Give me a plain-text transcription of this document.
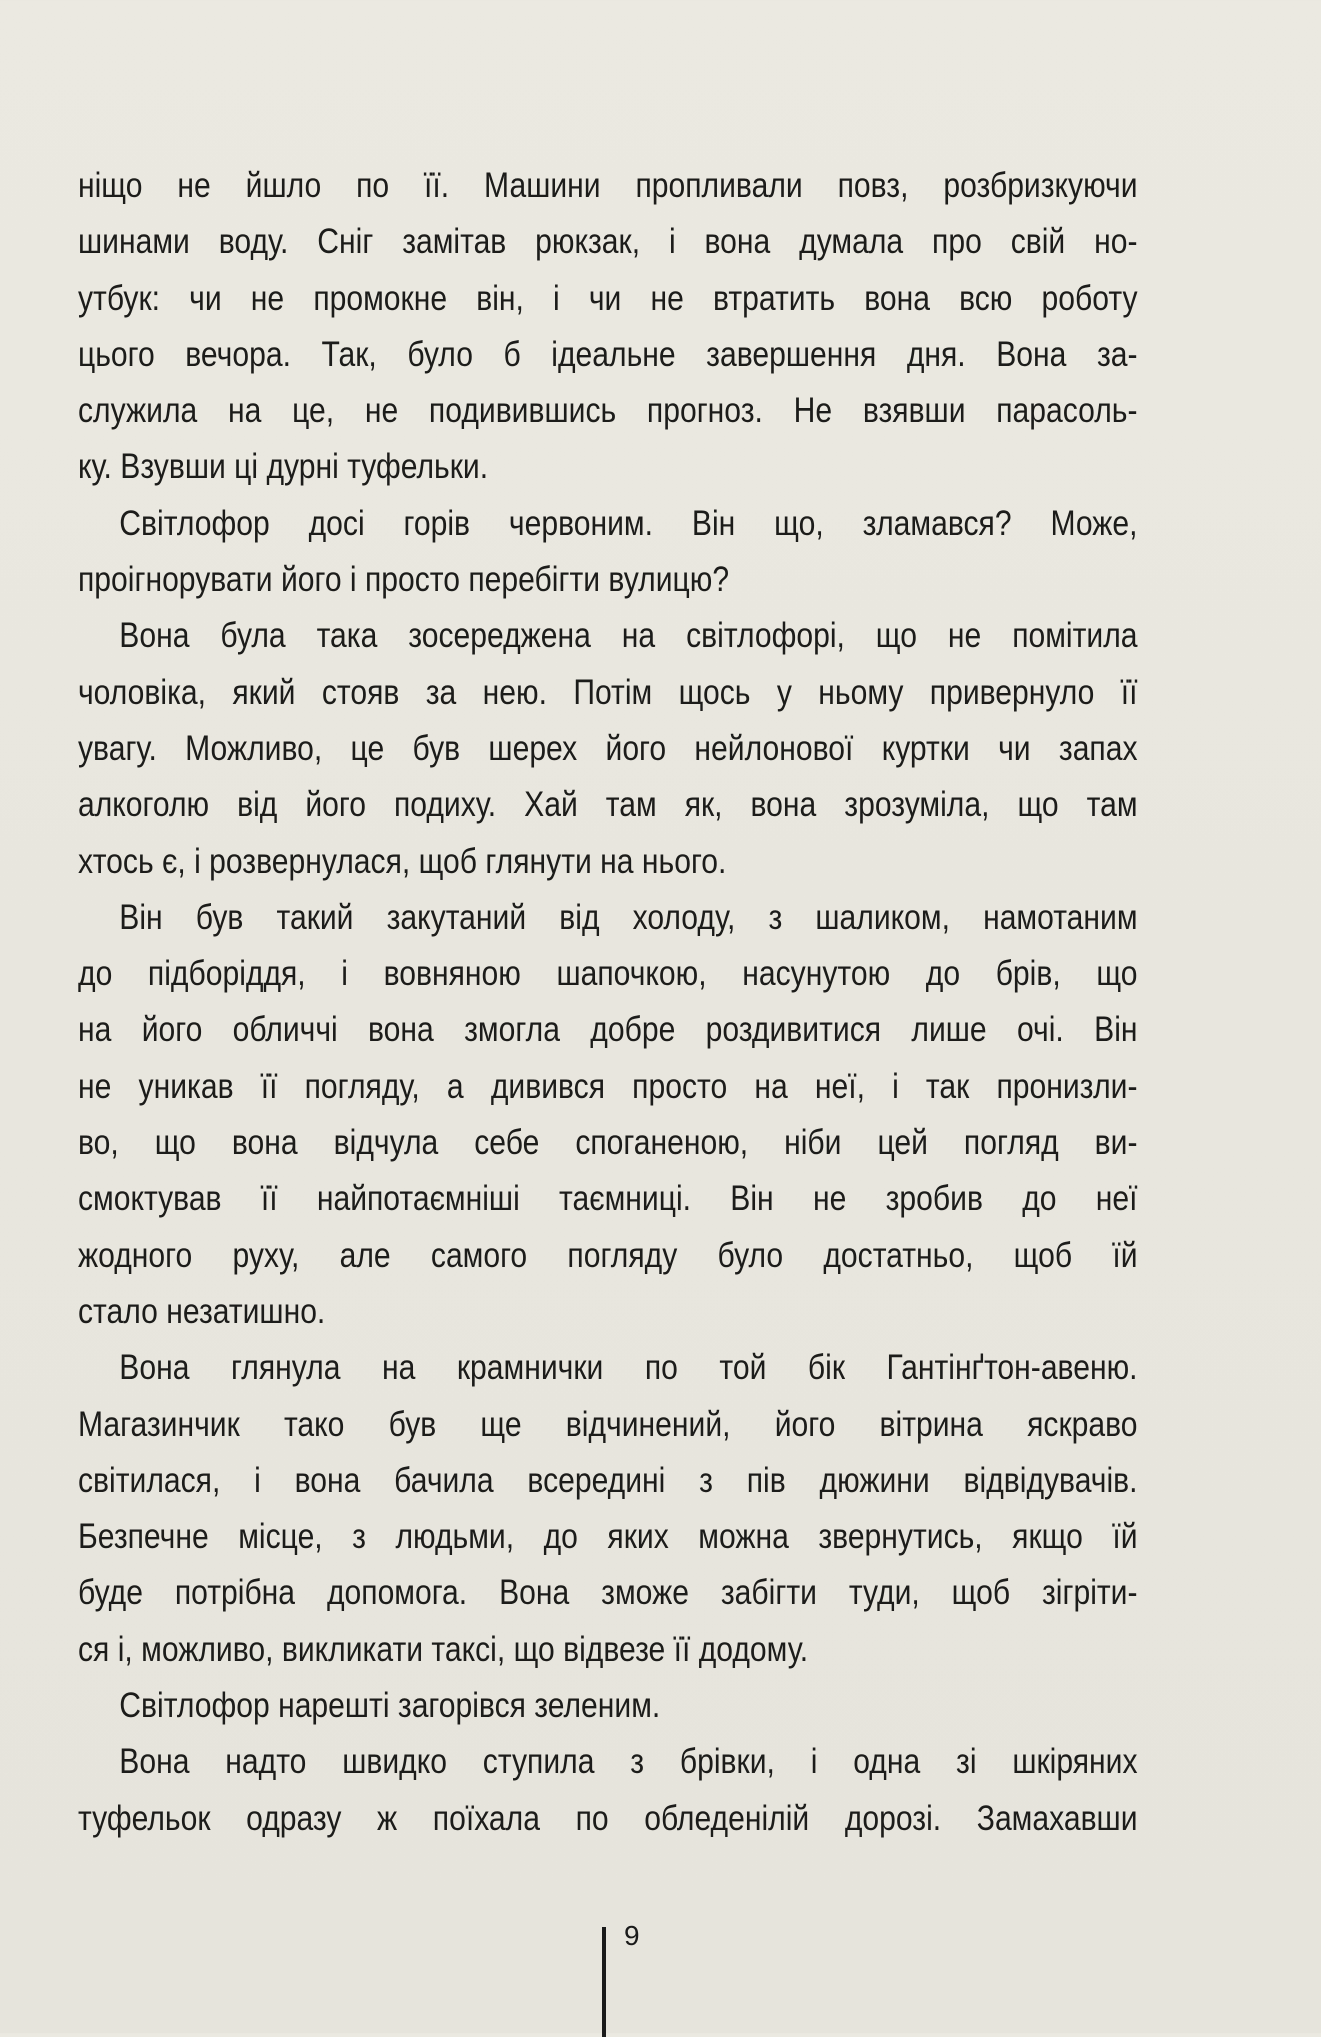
ніщо не йшло по її. Машини пропливали повз, розбризкуючи
шинами воду. Сніг замітав рюкзак, і вона думала про свій но-
утбук: чи не промокне він, і чи не втратить вона всю роботу
цього вечора. Так, було б ідеальне завершення дня. Вона за-
служила на це, не подивившись прогноз. Не взявши парасоль-
ку. Взувши ці дурні туфельки.

Світлофор досі горів червоним. Він що, зламався? Може,
проігнорувати його і просто перебігти вулицю?

Вона була така зосереджена на світлофорі, що не помітила
чоловіка, який стояв за нею. Потім щось у ньому привернуло її
увагу. Можливо, це був шерех його нейлонової куртки чи запах
алкоголю від його подиху. Хай там як, вона зрозуміла, що там
хтось є, і розвернулася, щоб глянути на нього.

Він був такий закутаний від холоду, з шаликом, намотаним
до підборіддя, і вовняною шапочкою, насунутою до брів, що
на його обличчі вона змогла добре роздивитися лише очі. Він
не уникав її погляду, а дивився просто на неї, і так пронизли-
во, що вона відчула себе споганеною, ніби цей погляд ви-
смоктував її найпотаємніші таємниці. Він не зробив до неї
жодного руху, але самого погляду було достатньо, щоб їй
стало незатишно.

Вона глянула на крамнички по той бік Гантінґтон-авеню.
Магазинчик тако був ще відчинений, його вітрина яскраво
світилася, і вона бачила всередині з пів дюжини відвідувачів.
Безпечне місце, з людьми, до яких можна звернутись, якщо їй
буде потрібна допомога. Вона зможе забігти туди, щоб зігріти-
ся і, можливо, викликати таксі, що відвезе її додому.

Світлофор нарешті загорівся зеленим.

Вона надто швидко ступила з брівки, і одна зі шкіряних
туфельок одразу ж поїхала по обледенілій дорозі. Замахавши

9
